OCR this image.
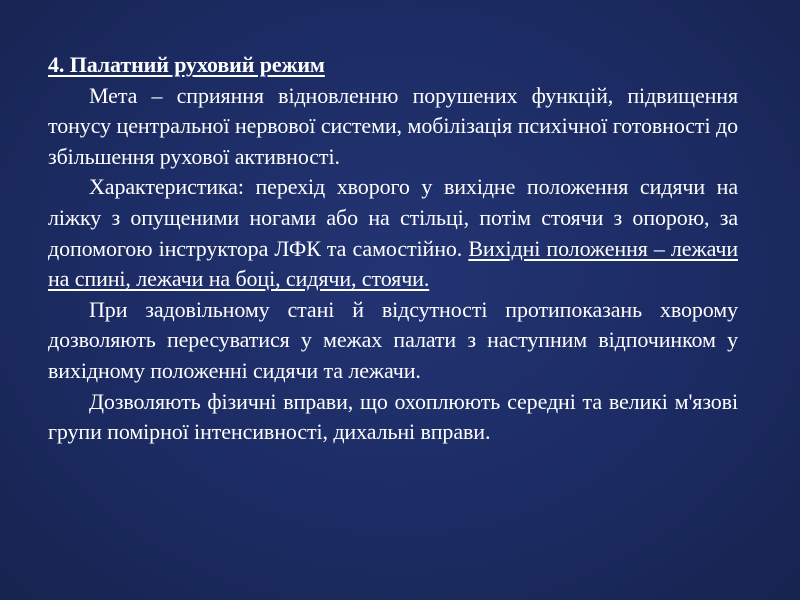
4. Палатний руховий режим

Мета – сприяння відновленню порушених функцій, підвищення тонусу центральної нервової системи, мобілізація психічної готовності до збільшення рухової активності.

Характеристика: перехід хворого у вихідне положення сидячи на ліжку з опущеними ногами або на стільці, потім стоячи з опорою, за допомогою інструктора ЛФК та самостійно. Вихідні положення – лежачи на спині, лежачи на боці, сидячи, стоячи.

При задовільному стані й відсутності протипоказань хворому дозволяють пересуватися у межах палати з наступним відпочинком у вихідному положенні сидячи та лежачи.

Дозволяють фізичні вправи, що охоплюють середні та великі м'язові групи помірної інтенсивності, дихальні вправи.
